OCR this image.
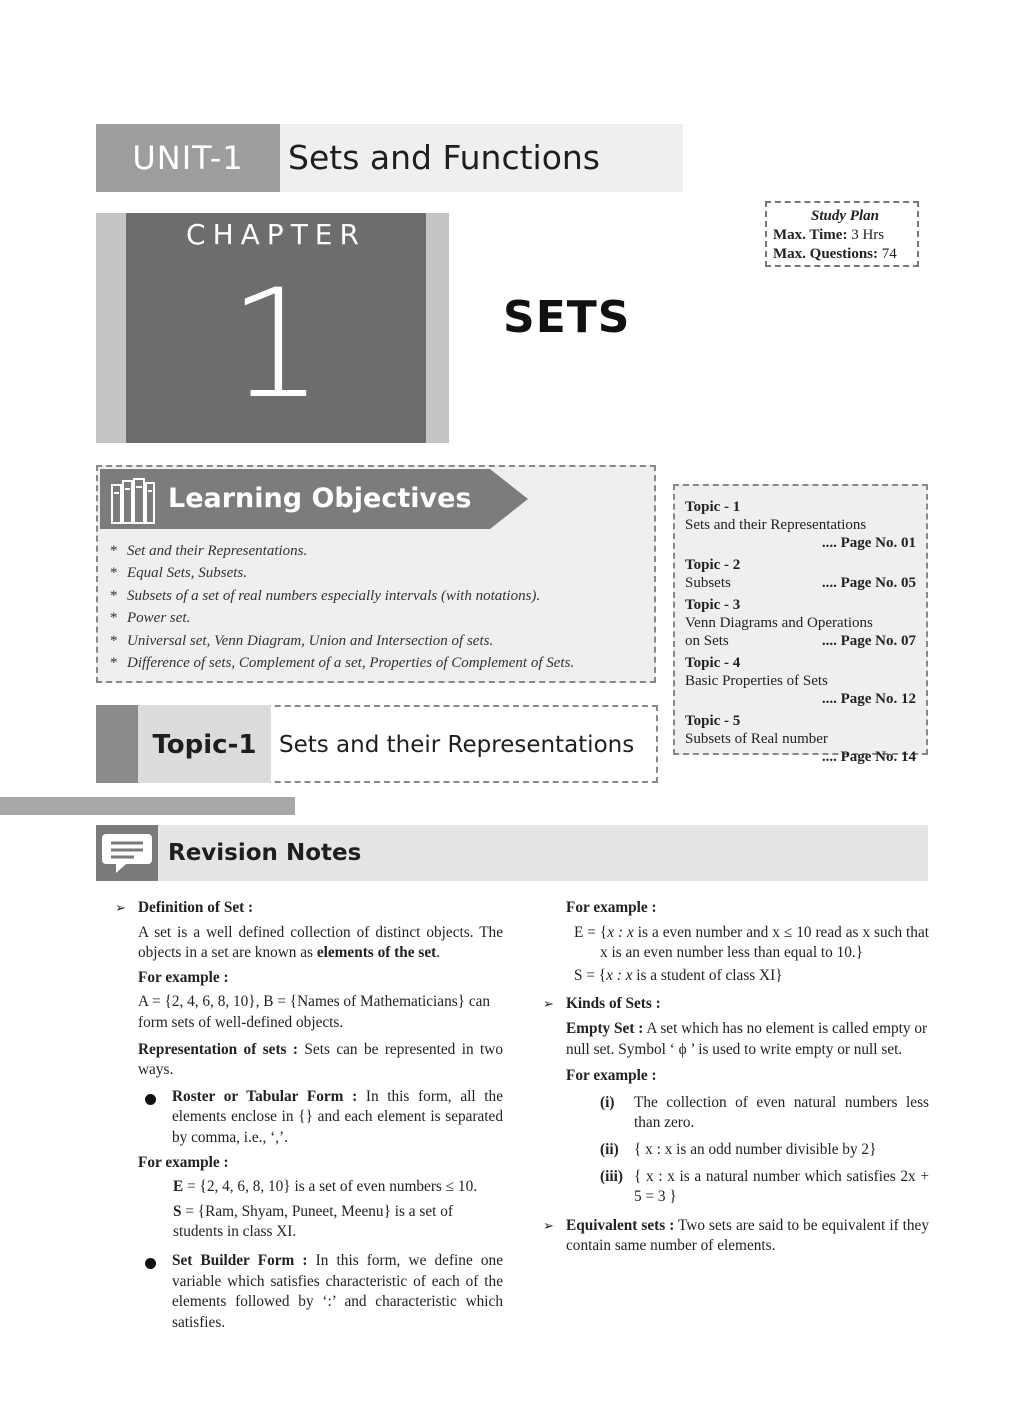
UNIT-1	Sets and Functions
CHAPTER
1	SETS
Study Plan
Max. Time: 3 Hrs
Max. Questions: 74
Learning Objectives
* Set and their Representations.
* Equal Sets, Subsets.
* Subsets of a set of real numbers especially intervals (with notations).
* Power set.
* Universal set, Venn Diagram, Union and Intersection of sets.
* Difference of sets, Complement of a set, Properties of Complement of Sets.
Topic - 1
Sets and their Representations
.... Page No. 01
Topic - 2
Subsets	.... Page No. 05
Topic - 3
Venn Diagrams and Operations
on Sets	.... Page No. 07
Topic - 4
Basic Properties of Sets
.... Page No. 12
Topic - 5
Subsets of Real number
.... Page No. 14
Topic-1 Sets and their Representations
Revision Notes
➢ Definition of Set :
A set is a well defined collection of distinct objects. The objects in a set are known as elements of the set.
For example :
A = {2, 4, 6, 8, 10}, B = {Names of Mathematicians} can form sets of well-defined objects.
Representation of sets : Sets can be represented in two ways.
Roster or Tabular Form : In this form, all the elements enclose in {} and each element is separated by comma, i.e., ‘,’.
For example :
E = {2, 4, 6, 8, 10} is a set of even numbers ≤ 10.
S = {Ram, Shyam, Puneet, Meenu} is a set of students in class XI.
Set Builder Form : In this form, we define one variable which satisfies characteristic of each of the elements followed by ‘:’ and characteristic which satisfies.
For example :
E = {x : x is a even number and x ≤ 10 read as x such that x is an even number less than equal to 10.}
S = {x : x is a student of class XI}
➢ Kinds of Sets :
Empty Set : A set which has no element is called empty or null set. Symbol ‘ ϕ ’ is used to write empty or null set.
For example :
(i)	The collection of even natural numbers less than zero.
(ii) { x : x is an odd number divisible by 2}
(iii) { x : x is a natural number which satisfies 2x + 5 = 3 }
➢ Equivalent sets : Two sets are said to be equivalent if they contain same number of elements.
